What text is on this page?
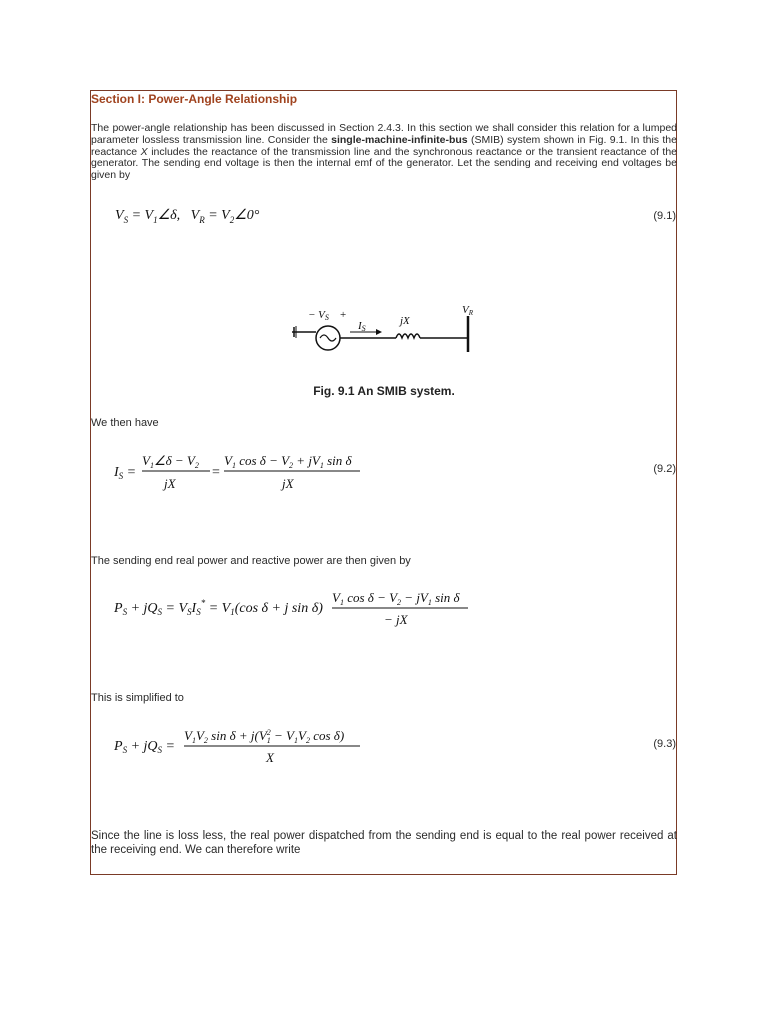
Section I: Power-Angle Relationship
The power-angle relationship has been discussed in Section 2.4.3. In this section we shall consider this relation for a lumped parameter lossless transmission line. Consider the single-machine-infinite-bus (SMIB) system shown in Fig. 9.1. In this the reactance X includes the reactance of the transmission line and the synchronous reactance or the transient reactance of the generator. The sending end voltage is then the internal emf of the generator. Let the sending and receiving end voltages be given by
$V_S$ = $V_1\angle\delta$,   $V_R$ = $V_2\angle 0^\circ$	(9.1)
− VS +
IS
jX
VR
Fig. 9.1 An SMIB system.
We then have
$I_S$ =
$V_1\angle\delta - V_2$
jX
=
$V_1$ $\cos \delta - V_2 + jV_1$ sin δ
jX
(9.2)
The sending end real power and reactive power are then given by
$P_S + jQ_S = V_SI_S^* = V_1(\cos$ δ + j sin δ)
$V_1$ $\cos \delta - V_2 - jV_1$ sin δ
− jX
This is simplified to
$P_S + jQ_S$ =
$V_1V_2$ $\sin \delta + j(V^2$ $1 - V_1V_2$ cos δ)
X
(9.3)
Since the line is loss less, the real power dispatched from the sending end is equal to the real power received at the receiving end. We can therefore write
